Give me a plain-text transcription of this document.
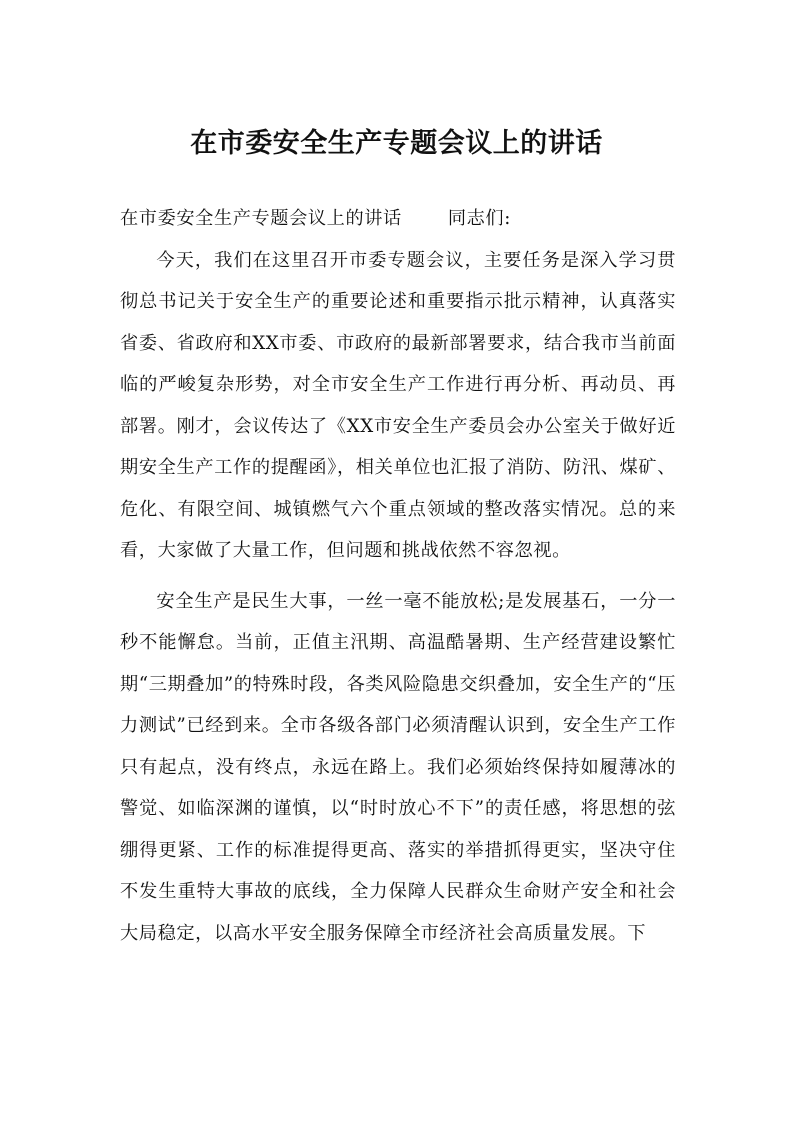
在市委安全生产专题会议上的讲话

在市委安全生产专题会议上的讲话	同志们:

今天，我们在这里召开市委专题会议，主要任务是深入学习贯彻总书记关于安全生产的重要论述和重要指示批示精神，认真落实省委、省政府和XX市委、市政府的最新部署要求，结合我市当前面临的严峻复杂形势，对全市安全生产工作进行再分析、再动员、再部署。刚才，会议传达了《XX市安全生产委员会办公室关于做好近期安全生产工作的提醒函》，相关单位也汇报了消防、防汛、煤矿、危化、有限空间、城镇燃气六个重点领域的整改落实情况。总的来看，大家做了大量工作，但问题和挑战依然不容忽视。

安全生产是民生大事，一丝一毫不能放松;是发展基石，一分一秒不能懈怠。当前，正值主汛期、高温酷暑期、生产经营建设繁忙期“三期叠加”的特殊时段，各类风险隐患交织叠加，安全生产的“压力测试”已经到来。全市各级各部门必须清醒认识到，安全生产工作只有起点，没有终点，永远在路上。我们必须始终保持如履薄冰的警觉、如临深渊的谨慎，以“时时放心不下”的责任感，将思想的弦绷得更紧、工作的标准提得更高、落实的举措抓得更实，坚决守住不发生重特大事故的底线，全力保障人民群众生命财产安全和社会大局稳定，以高水平安全服务保障全市经济社会高质量发展。下
